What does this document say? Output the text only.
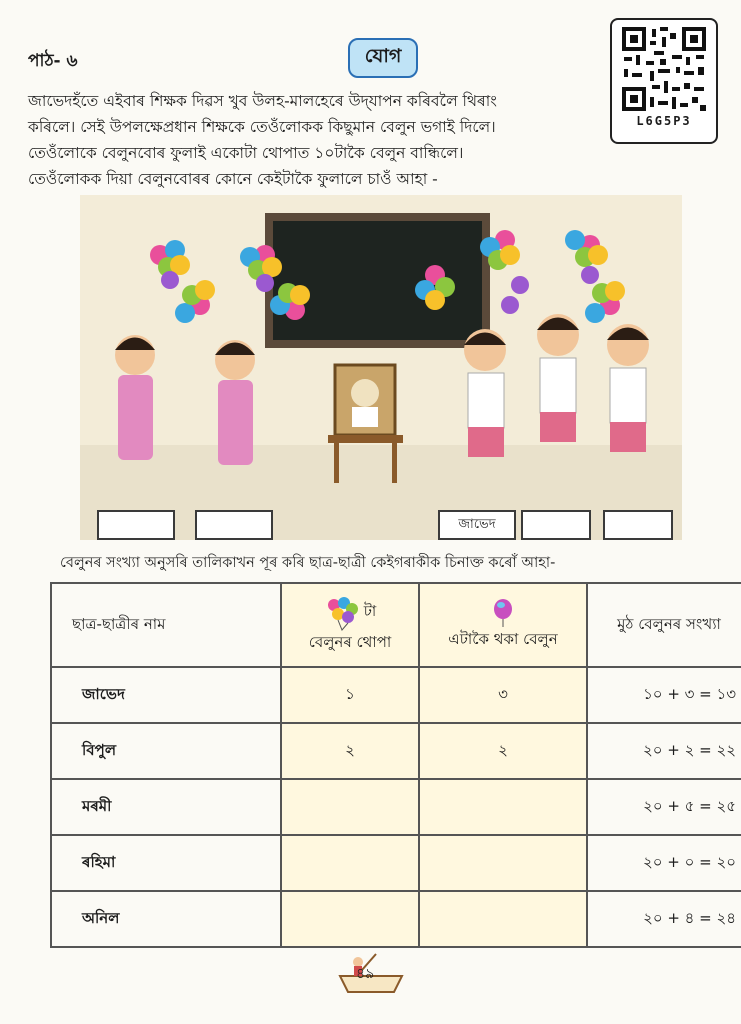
পাঠ- ৬	যোগ
L6G5P3

জাভেদহঁতে এইবাৰ শিক্ষক দিৱস খুব উলহ-মালহেৰে উদ্‌যাপন কৰিবলৈ থিৰাং

কৰিলে। সেই উপলক্ষেপ্রধান শিক্ষকে তেওঁলোকক কিছুমান বেলুন ভগাই দিলে।

তেওঁলোকে বেলুনবোৰ ফুলাই একোটা থোপাত ১০টাকৈ বেলুন বান্ধিলে।

তেওঁলোকক দিয়া বেলুনবোৰৰ কোনে কেইটাকৈ ফুলালে চাওঁ আহা -

জাভেদ
বেলুনৰ সংখ্যা অনুসৰি তালিকাখন পূৰ কৰি ছাত্ৰ-ছাত্ৰী কেইগৰাকীক চিনাক্ত কৰোঁ আহা-
ছাত্ৰ-ছাত্ৰীৰ নাম	টা
বেলুনৰ থোপা	এটাকৈ থকা বেলুন	মুঠ বেলুনৰ সংখ্যা
জাভেদ	১	৩	১০ + ৩ = ১৩
বিপুল	২	২	২০ + ২ = ২২
মৰমী			২০ + ৫ = ২৫
ৰহিমা			২০ + ০ = ২০
অনিল			২০ + ৪ = ২৪
৪৯
